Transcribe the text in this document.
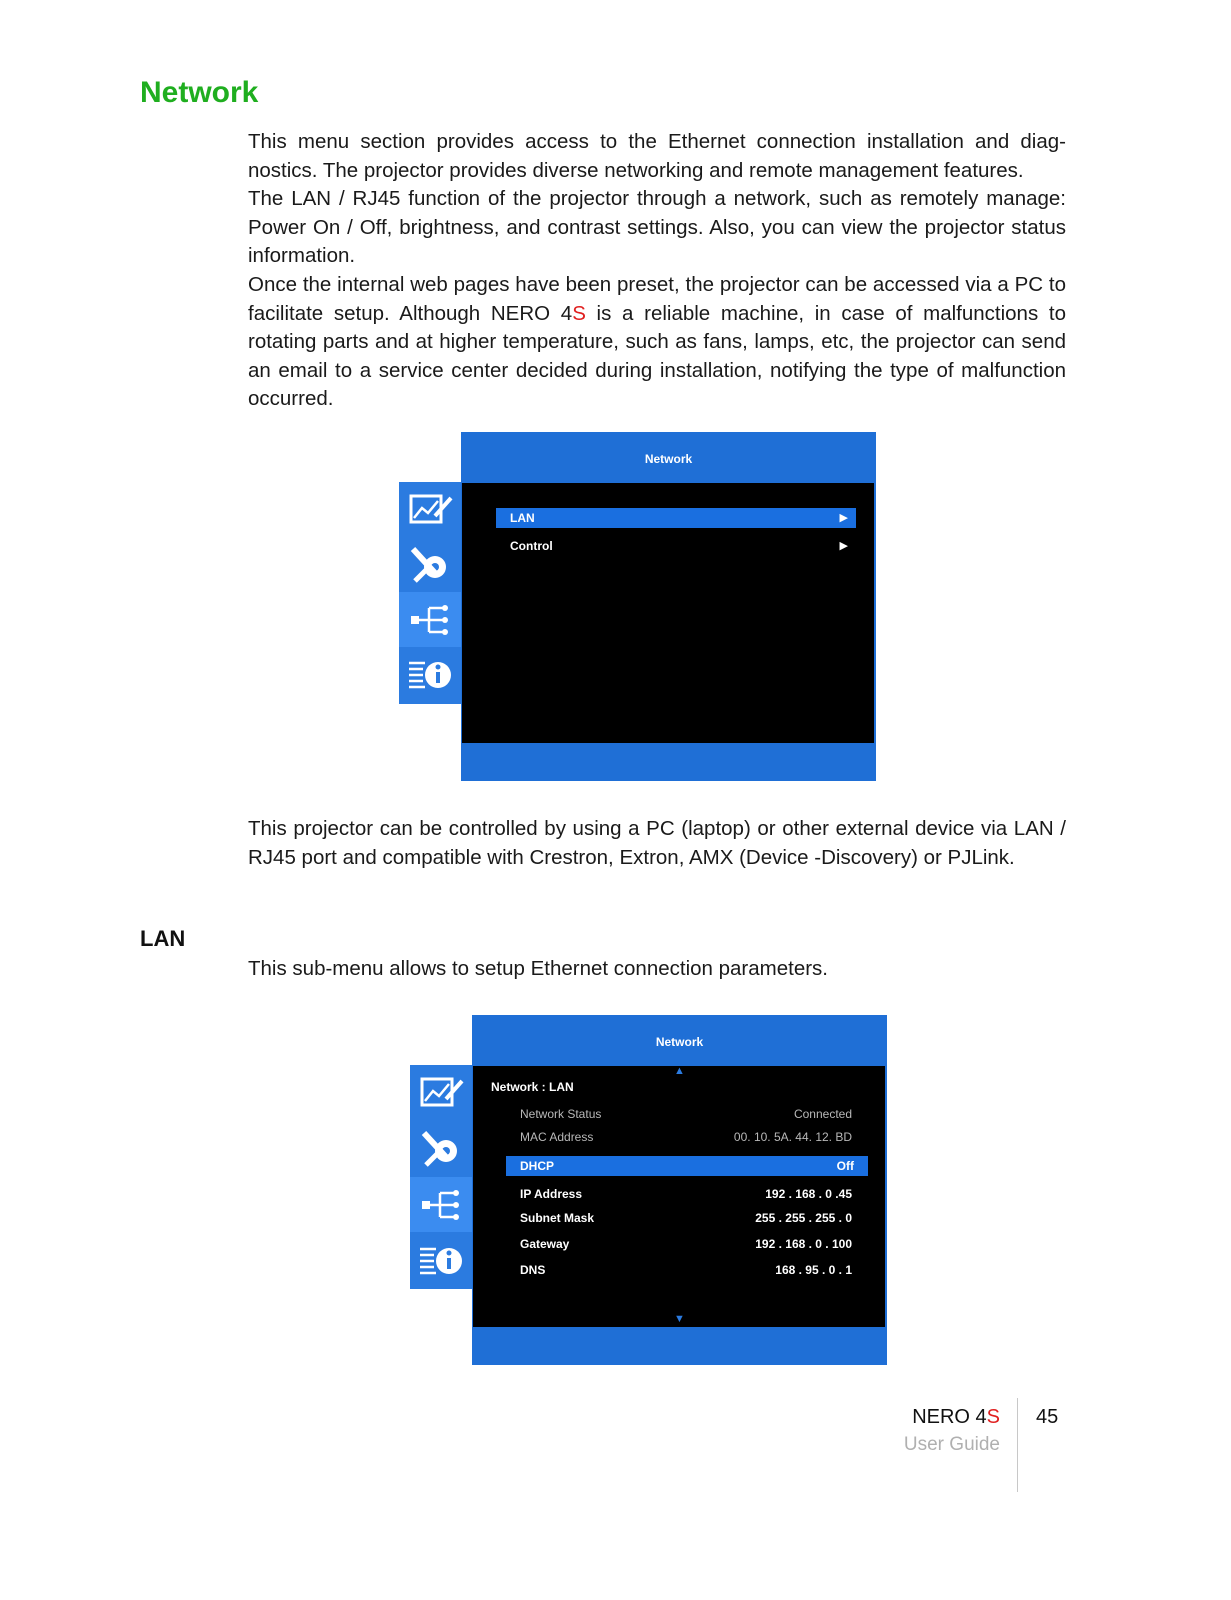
Network

This menu section provides access to the Ethernet connection installation and diag-nostics. The projector provides diverse networking and remote management features.

The LAN / RJ45 function of the projector through a network, such as remotely manage: Power On / Off, brightness, and contrast settings. Also, you can view the projector status information.

Once the internal web pages have been preset, the projector can be accessed via a PC to facilitate setup. Although NERO 4S is a reliable machine, in case of malfunctions to rotating parts and at higher temperature, such as fans, lamps, etc, the projector can send an email to a service center decided during installation, notifying the type of malfunction occurred.

Network
LAN	▶
Control	▶

This projector can be controlled by using a PC (laptop) or other external device via LAN / RJ45 port and compatible with Crestron, Extron, AMX (Device -Discovery) or PJLink.

LAN

This sub-menu allows to setup Ethernet connection parameters.

Network
▲
Network : LAN
Network Status	Connected
MAC Address	00. 10. 5A. 44. 12. BD
DHCP	Off
IP Address	192 . 168 . 0 .45
Subnet Mask	255 . 255 . 255 . 0
Gateway	192 . 168 . 0 . 100
DNS	168 . 95 . 0 . 1
▼
NERO 4S
User Guide
45
